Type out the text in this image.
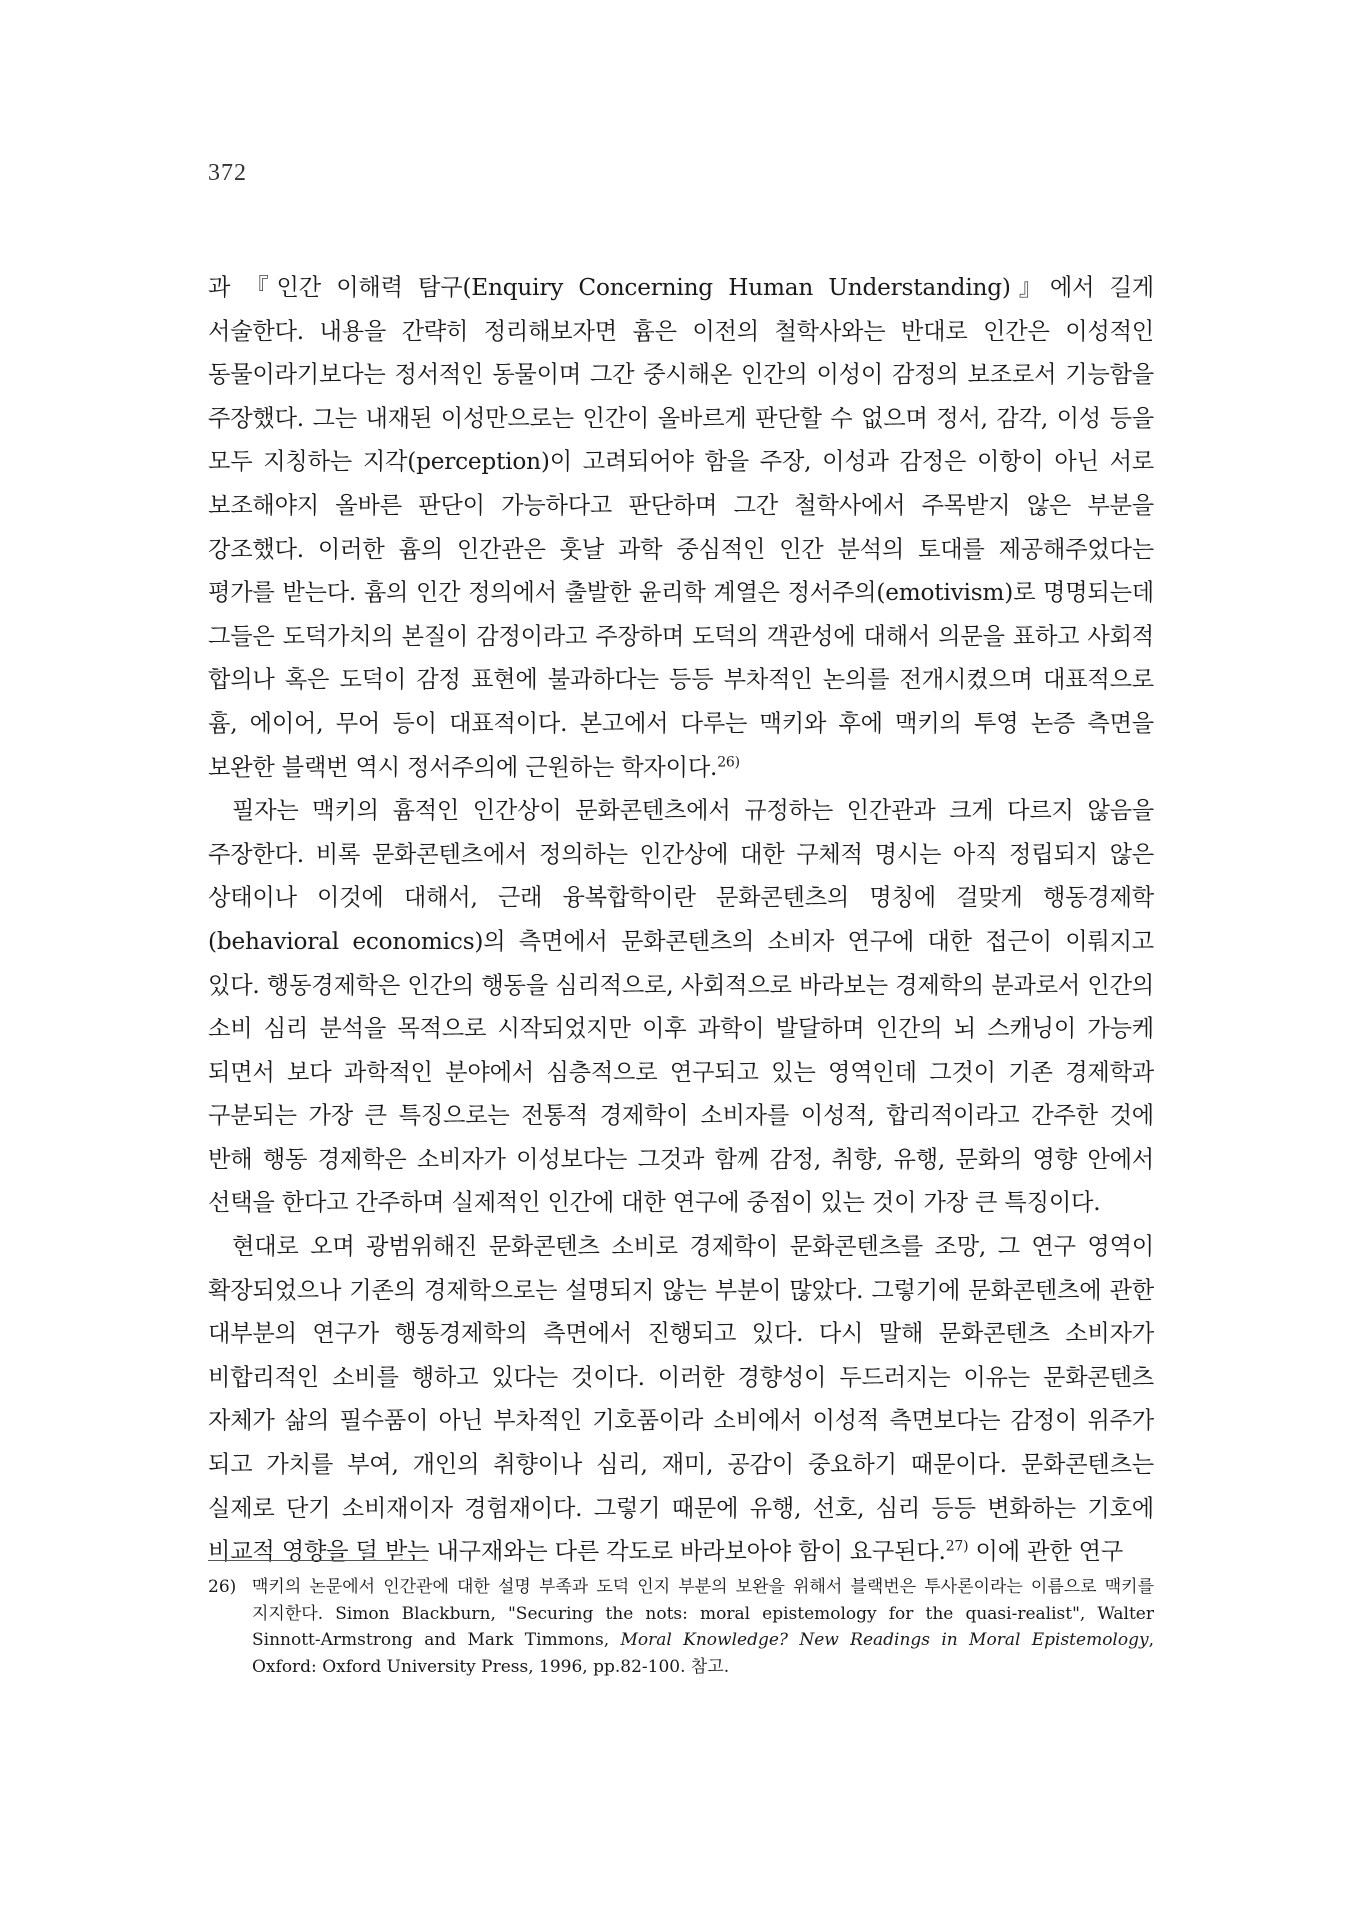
372

과 『인간 이해력 탐구(Enquiry Concerning Human Understanding)』에서 길게 서술한다. 내용을 간략히 정리해보자면 흄은 이전의 철학사와는 반대로 인간은 이성적인 동물이라기보다는 정서적인 동물이며 그간 중시해온 인간의 이성이 감정의 보조로서 기능함을 주장했다. 그는 내재된 이성만으로는 인간이 올바르게 판단할 수 없으며 정서, 감각, 이성 등을 모두 지칭하는 지각(perception)이 고려되어야 함을 주장, 이성과 감정은 이항이 아닌 서로 보조해야지 올바른 판단이 가능하다고 판단하며 그간 철학사에서 주목받지 않은 부분을 강조했다. 이러한 흄의 인간관은 훗날 과학 중심적인 인간 분석의 토대를 제공해주었다는 평가를 받는다. 흄의 인간 정의에서 출발한 윤리학 계열은 정서주의(emotivism)로 명명되는데 그들은 도덕가치의 본질이 감정이라고 주장하며 도덕의 객관성에 대해서 의문을 표하고 사회적 합의나 혹은 도덕이 감정 표현에 불과하다는 등등 부차적인 논의를 전개시켰으며 대표적으로 흄, 에이어, 무어 등이 대표적이다. 본고에서 다루는 맥키와 후에 맥키의 투영 논증 측면을 보완한 블랙번 역시 정서주의에 근원하는 학자이다.$^{26)}$

필자는 맥키의 흄적인 인간상이 문화콘텐츠에서 규정하는 인간관과 크게 다르지 않음을 주장한다. 비록 문화콘텐츠에서 정의하는 인간상에 대한 구체적 명시는 아직 정립되지 않은 상태이나 이것에 대해서, 근래 융복합학이란 문화콘텐츠의 명칭에 걸맞게 행동경제학(behavioral economics)의 측면에서 문화콘텐츠의 소비자 연구에 대한 접근이 이뤄지고 있다. 행동경제학은 인간의 행동을 심리적으로, 사회적으로 바라보는 경제학의 분과로서 인간의 소비 심리 분석을 목적으로 시작되었지만 이후 과학이 발달하며 인간의 뇌 스캐닝이 가능케 되면서 보다 과학적인 분야에서 심층적으로 연구되고 있는 영역인데 그것이 기존 경제학과 구분되는 가장 큰 특징으로는 전통적 경제학이 소비자를 이성적, 합리적이라고 간주한 것에 반해 행동 경제학은 소비자가 이성보다는 그것과 함께 감정, 취향, 유행, 문화의 영향 안에서 선택을 한다고 간주하며 실제적인 인간에 대한 연구에 중점이 있는 것이 가장 큰 특징이다.

현대로 오며 광범위해진 문화콘텐츠 소비로 경제학이 문화콘텐츠를 조망, 그 연구 영역이 확장되었으나 기존의 경제학으로는 설명되지 않는 부분이 많았다. 그렇기에 문화콘텐츠에 관한 대부분의 연구가 행동경제학의 측면에서 진행되고 있다. 다시 말해 문화콘텐츠 소비자가 비합리적인 소비를 행하고 있다는 것이다. 이러한 경향성이 두드러지는 이유는 문화콘텐츠 자체가 삶의 필수품이 아닌 부차적인 기호품이라 소비에서 이성적 측면보다는 감정이 위주가 되고 가치를 부여, 개인의 취향이나 심리, 재미, 공감이 중요하기 때문이다. 문화콘텐츠는 실제로 단기 소비재이자 경험재이다. 그렇기 때문에 유행, 선호, 심리 등등 변화하는 기호에 비교적 영향을 덜 받는 내구재와는 다른 각도로 바라보아야 함이 요구된다.$^{27)}$ 이에 관한 연구

26) 맥키의 논문에서 인간관에 대한 설명 부족과 도덕 인지 부분의 보완을 위해서 블랙번은 투사론이라는 이름으로 맥키를 지지한다. Simon Blackburn, "Securing the nots: moral epistemology for the quasi-realist", Walter Sinnott-Armstrong and Mark Timmons, Moral Knowledge? New Readings in Moral Epistemology, Oxford: Oxford University Press, 1996, pp.82-100. 참고.
